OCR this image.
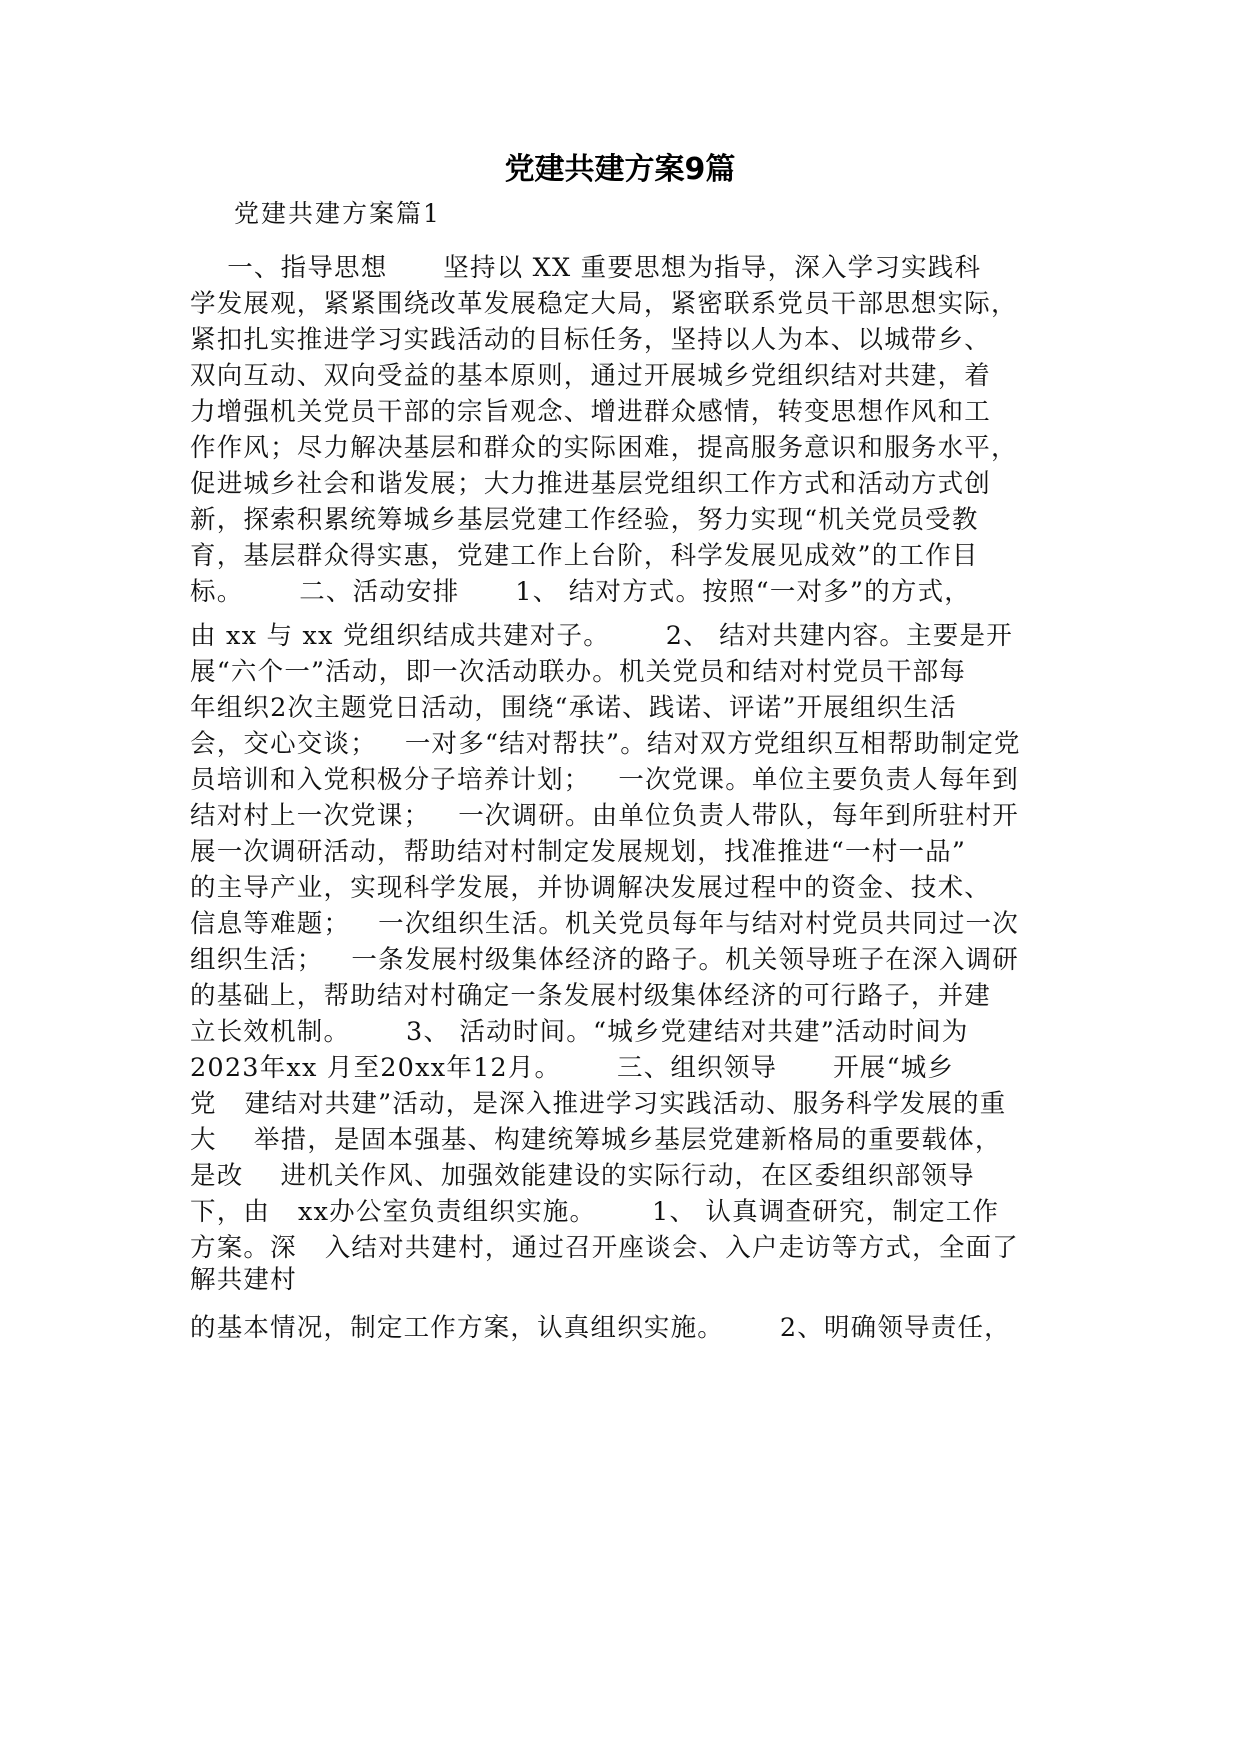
党建共建方案9篇
党建共建方案篇1
一、指导思想      坚持以 XX 重要思想为指导，深入学习实践科
学发展观，紧紧围绕改革发展稳定大局，紧密联系党员干部思想实际，
紧扣扎实推进学习实践活动的目标任务，坚持以人为本、以城带乡、
双向互动、双向受益的基本原则，通过开展城乡党组织结对共建，着
力增强机关党员干部的宗旨观念、增进群众感情，转变思想作风和工
作作风；尽力解决基层和群众的实际困难，提高服务意识和服务水平，
促进城乡社会和谐发展；大力推进基层党组织工作方式和活动方式创
新，探索积累统筹城乡基层党建工作经验，努力实现“机关党员受教
育，基层群众得实惠，党建工作上台阶，科学发展见成效”的工作目
标。      二、活动安排      1、 结对方式。按照“一对多”的方式，
由 xx 与 xx 党组织结成共建对子。      2、 结对共建内容。主要是开
展“六个一”活动，即一次活动联办。机关党员和结对村党员干部每
年组织2次主题党日活动，围绕“承诺、践诺、评诺”开展组织生活
会，交心交谈；   一对多“结对帮扶”。结对双方党组织互相帮助制定党
员培训和入党积极分子培养计划；   一次党课。单位主要负责人每年到
结对村上一次党课；   一次调研。由单位负责人带队，每年到所驻村开
展一次调研活动，帮助结对村制定发展规划，找准推进“一村一品”
的主导产业，实现科学发展，并协调解决发展过程中的资金、技术、
信息等难题；   一次组织生活。机关党员每年与结对村党员共同过一次
组织生活；   一条发展村级集体经济的路子。机关领导班子在深入调研
的基础上，帮助结对村确定一条发展村级集体经济的可行路子，并建
立长效机制。      3、 活动时间。“城乡党建结对共建”活动时间为
2023年xx 月至20xx年12月。      三、组织领导      开展“城乡
党   建结对共建”活动，是深入推进学习实践活动、服务科学发展的重
大    举措，是固本强基、构建统筹城乡基层党建新格局的重要载体，
是改    进机关作风、加强效能建设的实际行动，在区委组织部领导
下，由   xx办公室负责组织实施。      1、 认真调查研究，制定工作
方案。深   入结对共建村，通过召开座谈会、入户走访等方式，全面了
解共建村
的基本情况，制定工作方案，认真组织实施。      2、明确领导责任，
